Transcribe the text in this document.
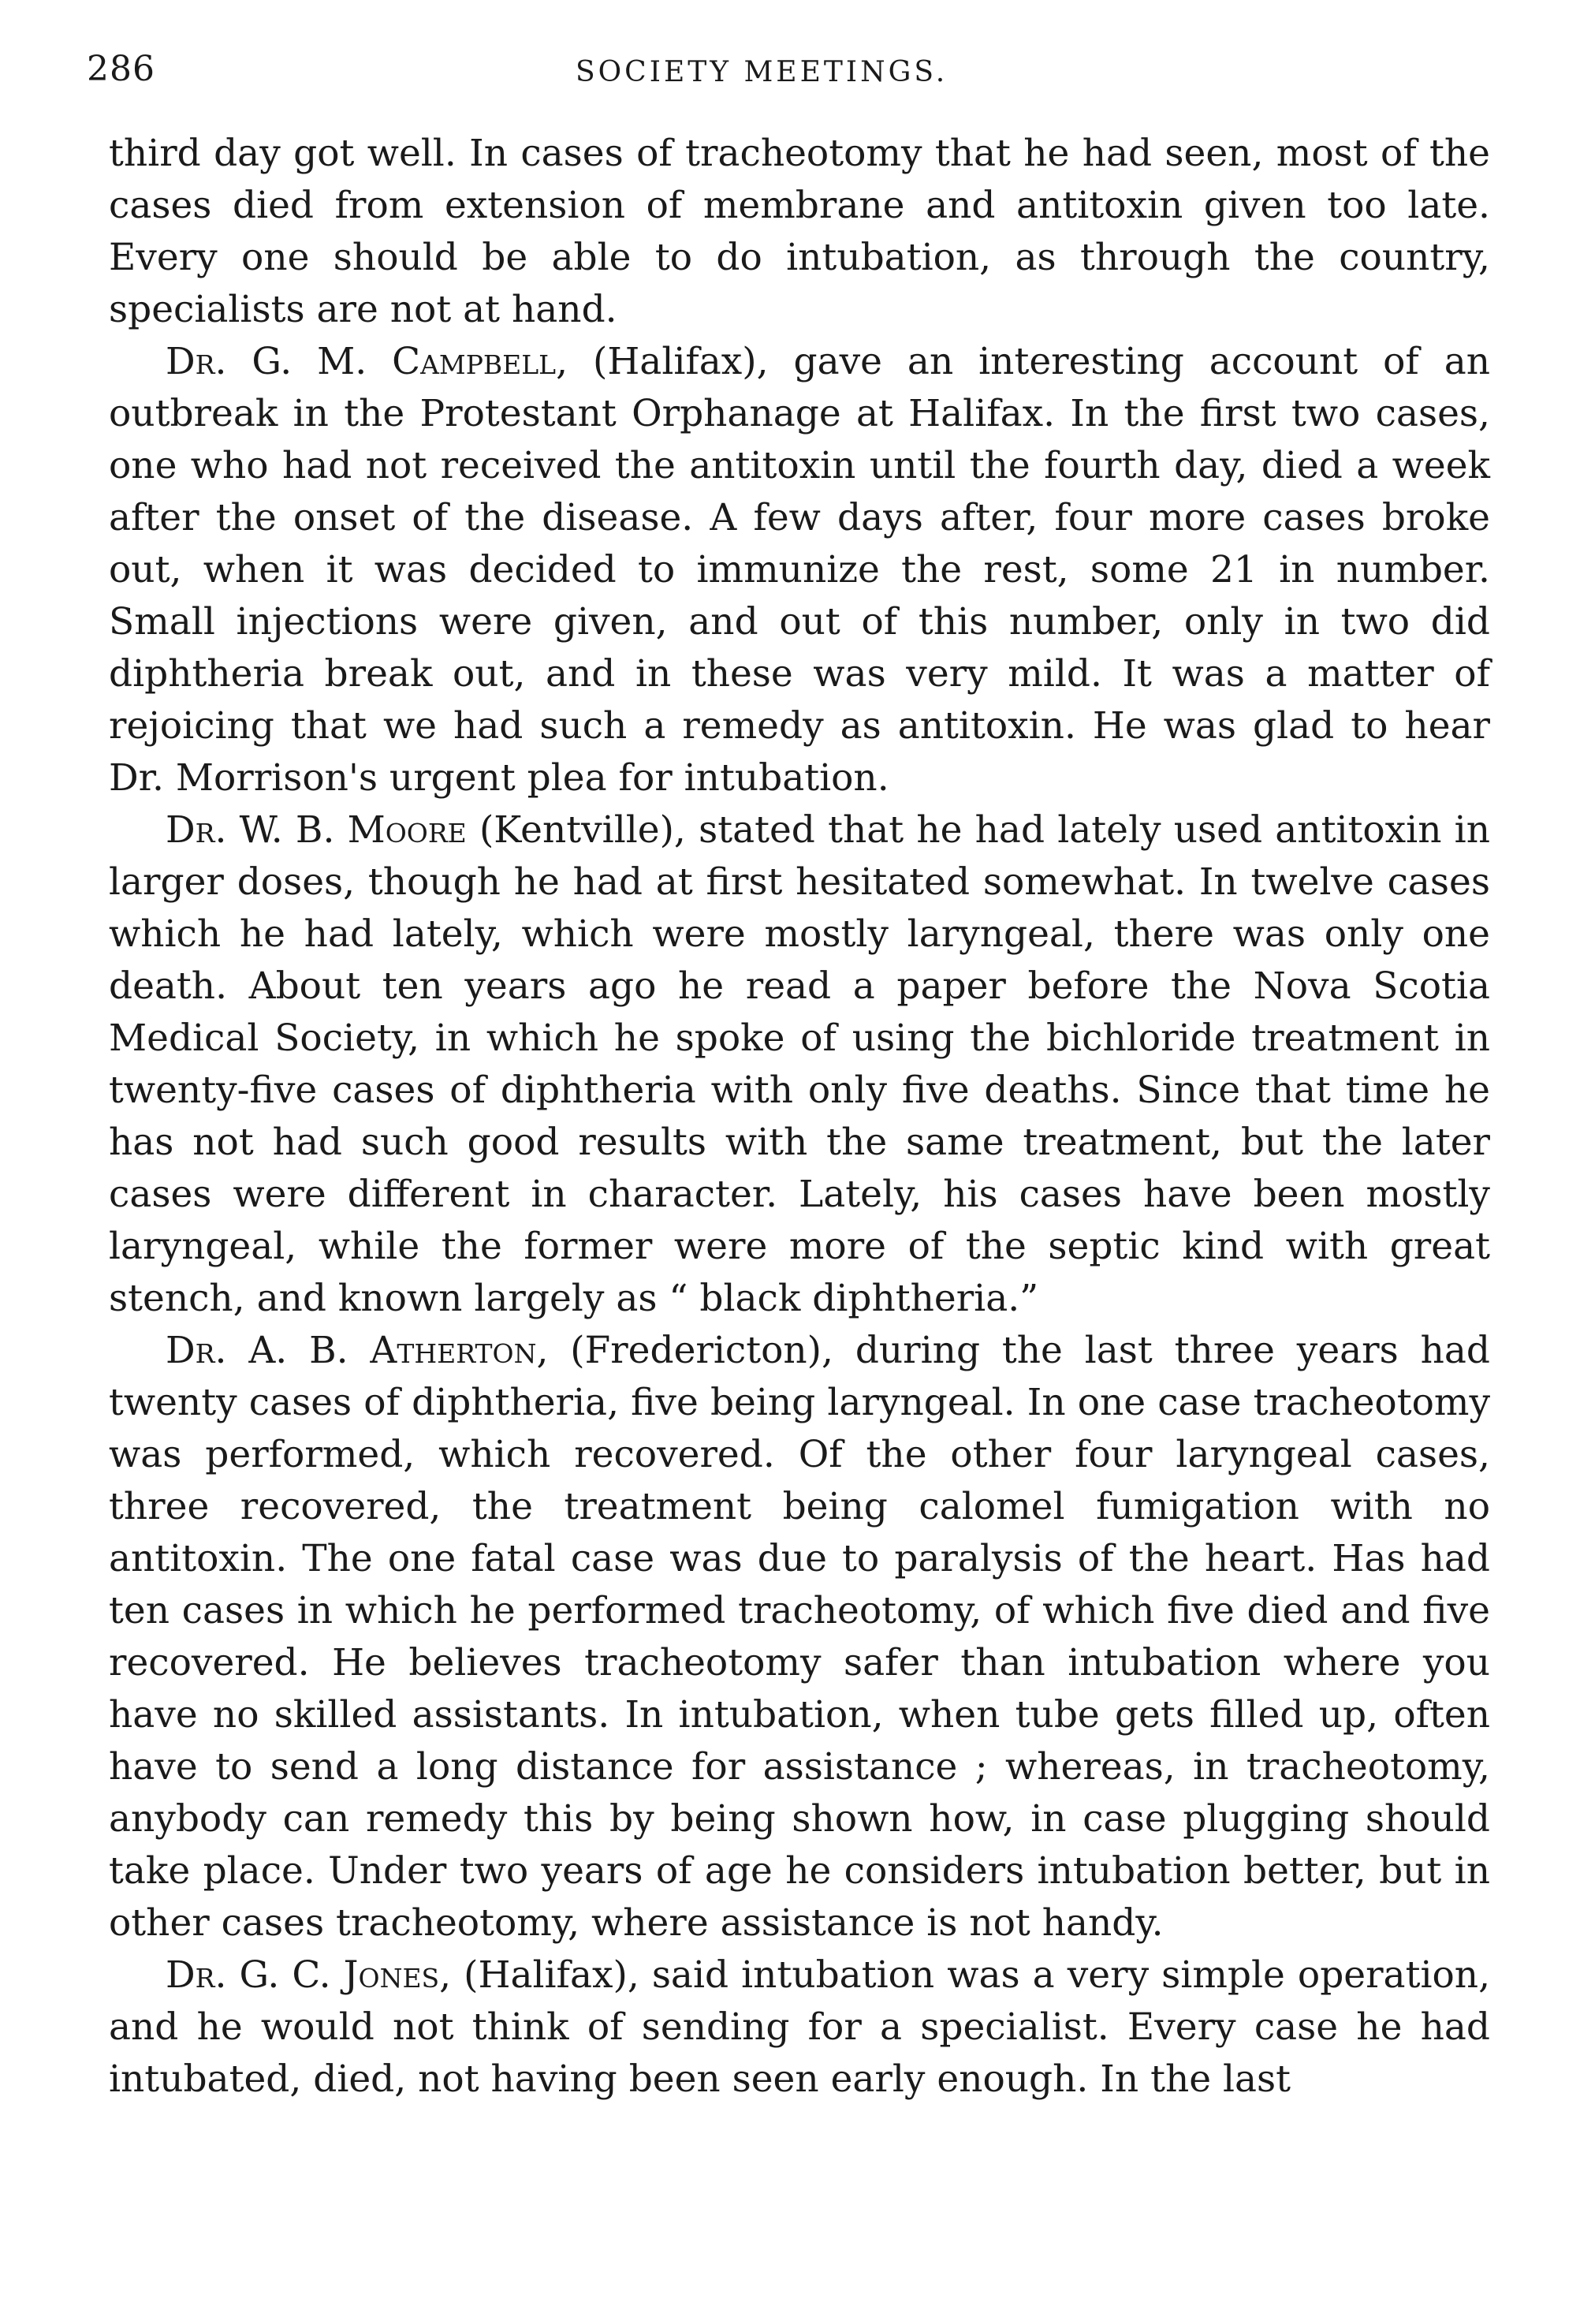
286	SOCIETY MEETINGS.

third day got well. In cases of tracheotomy that he had seen, most of the cases died from extension of membrane and antitoxin given too late. Every one should be able to do intubation, as through the country, specialists are not at hand.

Dr. G. M. Campbell, (Halifax), gave an interesting account of an outbreak in the Protestant Orphanage at Halifax. In the first two cases, one who had not received the antitoxin until the fourth day, died a week after the onset of the disease. A few days after, four more cases broke out, when it was decided to immunize the rest, some 21 in number. Small injections were given, and out of this number, only in two did diphtheria break out, and in these was very mild. It was a matter of rejoicing that we had such a remedy as antitoxin. He was glad to hear Dr. Morrison's urgent plea for intubation.

Dr. W. B. Moore (Kentville), stated that he had lately used antitoxin in larger doses, though he had at first hesitated somewhat. In twelve cases which he had lately, which were mostly laryngeal, there was only one death. About ten years ago he read a paper before the Nova Scotia Medical Society, in which he spoke of using the bichloride treatment in twenty-five cases of diphtheria with only five deaths. Since that time he has not had such good results with the same treatment, but the later cases were different in character. Lately, his cases have been mostly laryngeal, while the former were more of the septic kind with great stench, and known largely as “ black diphtheria.”

Dr. A. B. Atherton, (Fredericton), during the last three years had twenty cases of diphtheria, five being laryngeal. In one case tracheotomy was performed, which recovered. Of the other four laryngeal cases, three recovered, the treatment being calomel fumigation with no antitoxin. The one fatal case was due to paralysis of the heart. Has had ten cases in which he performed tracheotomy, of which five died and five recovered. He believes tracheotomy safer than intubation where you have no skilled assistants. In intubation, when tube gets filled up, often have to send a long distance for assistance ; whereas, in tracheotomy, anybody can remedy this by being shown how, in case plugging should take place. Under two years of age he considers intubation better, but in other cases tracheotomy, where assistance is not handy.

Dr. G. C. Jones, (Halifax), said intubation was a very simple operation, and he would not think of sending for a specialist. Every case he had intubated, died, not having been seen early enough. In the last
